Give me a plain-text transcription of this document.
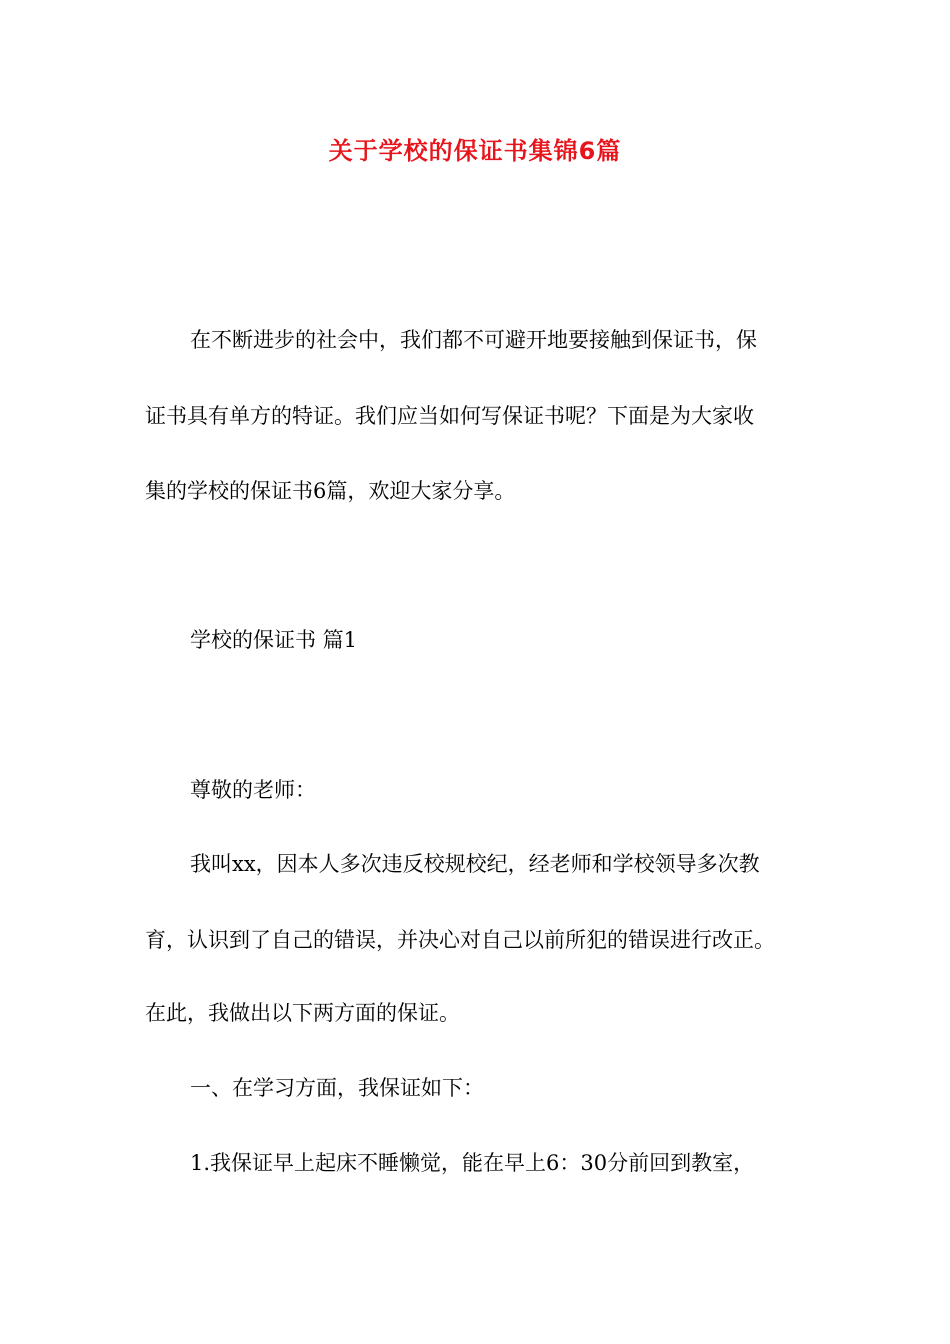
关于学校的保证书集锦6篇
在不断进步的社会中，我们都不可避开地要接触到保证书，保
证书具有单方的特证。我们应当如何写保证书呢？下面是为大家收
集的学校的保证书6篇，欢迎大家分享。
学校的保证书 篇1
尊敬的老师：
我叫xx，因本人多次违反校规校纪，经老师和学校领导多次教
育，认识到了自己的错误，并决心对自己以前所犯的错误进行改正。
在此，我做出以下两方面的保证。
一、在学习方面，我保证如下：
1.我保证早上起床不睡懒觉，能在早上6：30分前回到教室，
